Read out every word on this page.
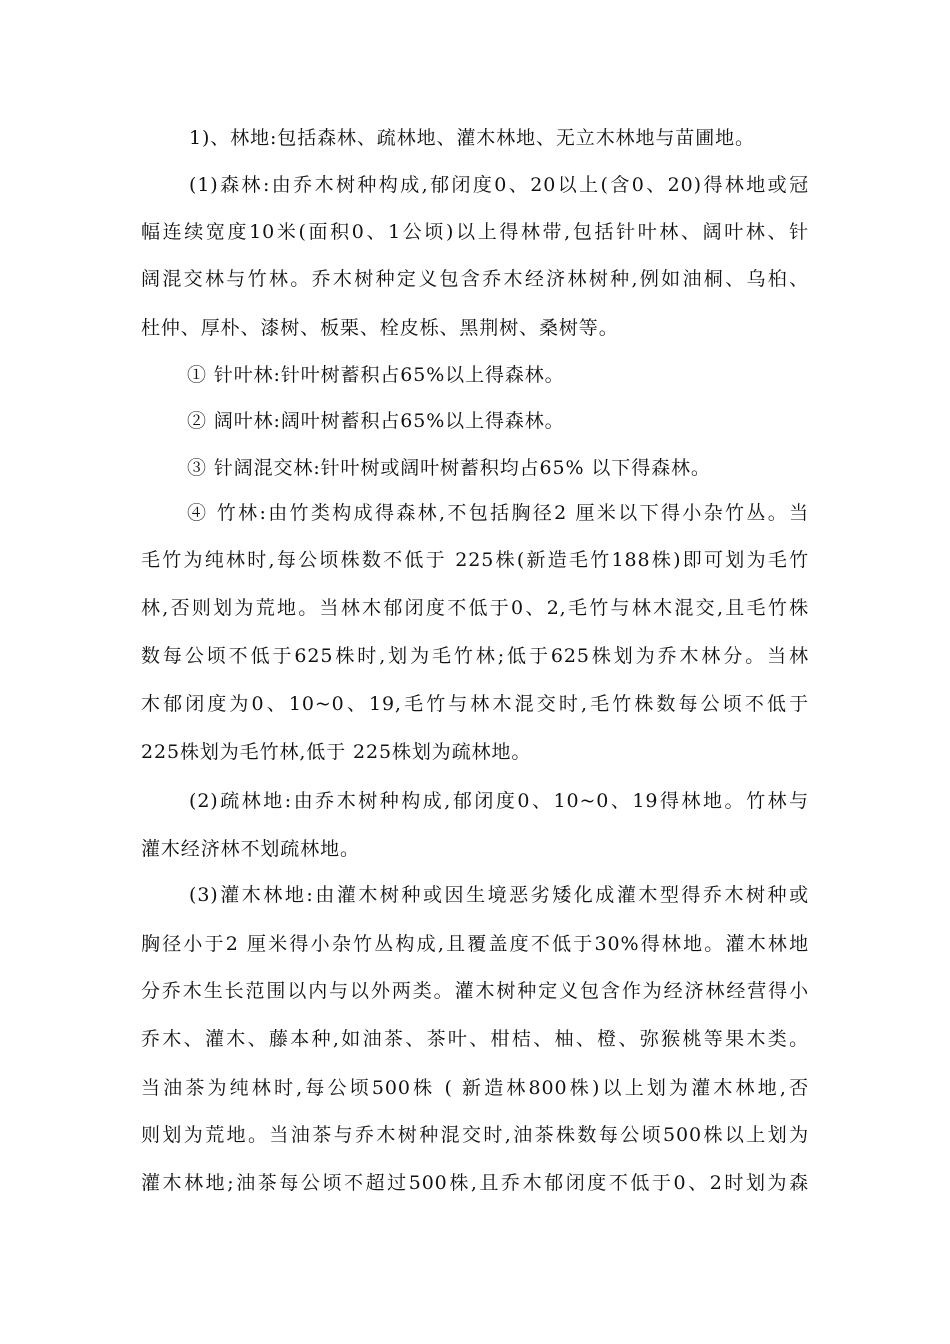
1)、林地:包括森林、疏林地、灌木林地、无立木林地与苗圃地。
(1)森林:由乔木树种构成,郁闭度0、20以上(含0、20)得林地或冠
幅连续宽度10米(面积0、1公顷)以上得林带,包括针叶林、阔叶林、针
阔混交林与竹林。乔木树种定义包含乔木经济林树种,例如油桐、乌桕、
杜仲、厚朴、漆树、板栗、栓皮栎、黑荆树、桑树等。
① 针叶林:针叶树蓄积占65%以上得森林。
② 阔叶林:阔叶树蓄积占65%以上得森林。
③ 针阔混交林:针叶树或阔叶树蓄积均占65% 以下得森林。
④ 竹林:由竹类构成得森林,不包括胸径2 厘米以下得小杂竹丛。当
毛竹为纯林时,每公顷株数不低于 225株(新造毛竹188株)即可划为毛竹
林,否则划为荒地。当林木郁闭度不低于0、2,毛竹与林木混交,且毛竹株
数每公顷不低于625株时,划为毛竹林;低于625株划为乔木林分。当林
木郁闭度为0、10~0、19,毛竹与林木混交时,毛竹株数每公顷不低于
225株划为毛竹林,低于 225株划为疏林地。
(2)疏林地:由乔木树种构成,郁闭度0、10~0、19得林地。竹林与
灌木经济林不划疏林地。
(3)灌木林地:由灌木树种或因生境恶劣矮化成灌木型得乔木树种或
胸径小于2 厘米得小杂竹丛构成,且覆盖度不低于30%得林地。灌木林地
分乔木生长范围以内与以外两类。灌木树种定义包含作为经济林经营得小
乔木、灌木、藤本种,如油茶、茶叶、柑桔、柚、橙、弥猴桃等果木类。
当油茶为纯林时,每公顷500株 ( 新造林800株)以上划为灌木林地,否
则划为荒地。当油茶与乔木树种混交时,油茶株数每公顷500株以上划为
灌木林地;油茶每公顷不超过500株,且乔木郁闭度不低于0、2时划为森
